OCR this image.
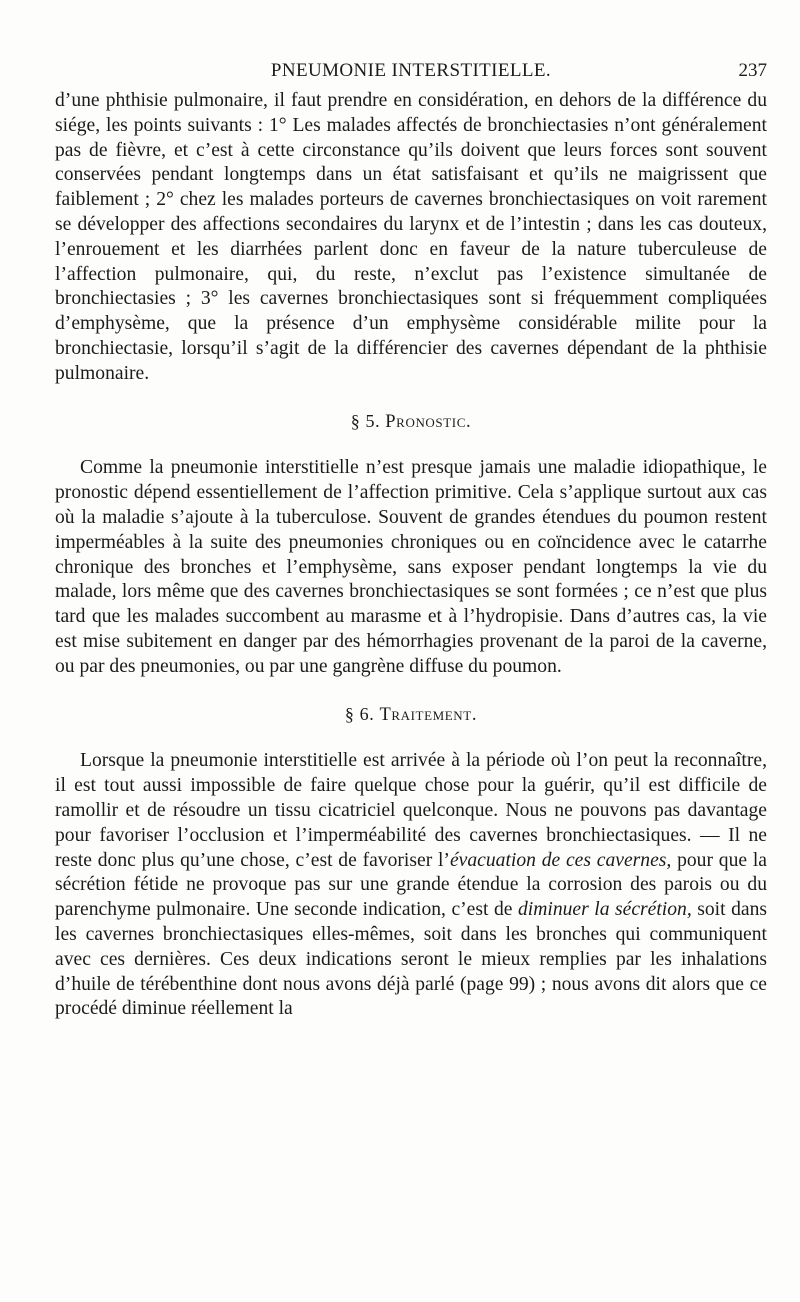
PNEUMONIE INTERSTITIELLE.	237

d’une phthisie pulmonaire, il faut prendre en considération, en dehors de la différence du siége, les points suivants : 1° Les malades affectés de bronchiectasies n’ont généralement pas de fièvre, et c’est à cette circonstance qu’ils doivent que leurs forces sont souvent conservées pendant longtemps dans un état satisfaisant et qu’ils ne maigrissent que faiblement ; 2° chez les malades porteurs de cavernes bronchiectasiques on voit rarement se développer des affections secondaires du larynx et de l’intestin ; dans les cas douteux, l’enrouement et les diarrhées parlent donc en faveur de la nature tuberculeuse de l’affection pulmonaire, qui, du reste, n’exclut pas l’existence simultanée de bronchiectasies ; 3° les cavernes bronchiectasiques sont si fréquemment compliquées d’emphysème, que la présence d’un emphysème considérable milite pour la bronchiectasie, lorsqu’il s’agit de la différencier des cavernes dépendant de la phthisie pulmonaire.

§ 5. Pronostic.

Comme la pneumonie interstitielle n’est presque jamais une maladie idiopathique, le pronostic dépend essentiellement de l’affection primitive. Cela s’applique surtout aux cas où la maladie s’ajoute à la tuberculose. Souvent de grandes étendues du poumon restent imperméables à la suite des pneumonies chroniques ou en coïncidence avec le catarrhe chronique des bronches et l’emphysème, sans exposer pendant longtemps la vie du malade, lors même que des cavernes bronchiectasiques se sont formées ; ce n’est que plus tard que les malades succombent au marasme et à l’hydropisie. Dans d’autres cas, la vie est mise subitement en danger par des hémorrhagies provenant de la paroi de la caverne, ou par des pneumonies, ou par une gangrène diffuse du poumon.

§ 6. Traitement.

Lorsque la pneumonie interstitielle est arrivée à la période où l’on peut la reconnaître, il est tout aussi impossible de faire quelque chose pour la guérir, qu’il est difficile de ramollir et de résoudre un tissu cicatriciel quelconque. Nous ne pouvons pas davantage pour favoriser l’occlusion et l’imperméabilité des cavernes bronchiectasiques. — Il ne reste donc plus qu’une chose, c’est de favoriser l’évacuation de ces cavernes, pour que la sécrétion fétide ne provoque pas sur une grande étendue la corrosion des parois ou du parenchyme pulmonaire. Une seconde indication, c’est de diminuer la sécrétion, soit dans les cavernes bronchiectasiques elles-mêmes, soit dans les bronches qui communiquent avec ces dernières. Ces deux indications seront le mieux remplies par les inhalations d’huile de térébenthine dont nous avons déjà parlé (page 99) ; nous avons dit alors que ce procédé diminue réellement la
